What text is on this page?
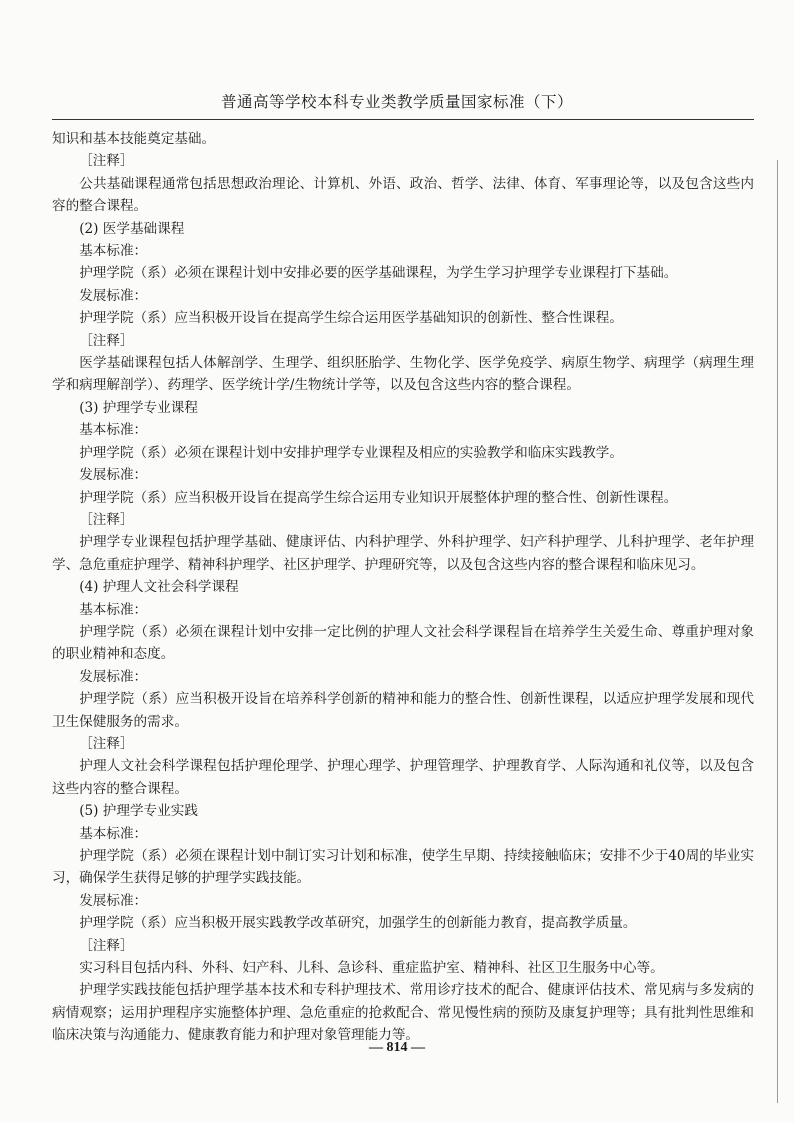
普通高等学校本科专业类教学质量国家标准（下）

知识和基本技能奠定基础。

［注释］

公共基础课程通常包括思想政治理论、计算机、外语、政治、哲学、法律、体育、军事理论等，以及包含这些内容的整合课程。

(2) 医学基础课程

基本标准：

护理学院（系）必须在课程计划中安排必要的医学基础课程，为学生学习护理学专业课程打下基础。

发展标准：

护理学院（系）应当积极开设旨在提高学生综合运用医学基础知识的创新性、整合性课程。

［注释］

医学基础课程包括人体解剖学、生理学、组织胚胎学、生物化学、医学免疫学、病原生物学、病理学（病理生理学和病理解剖学）、药理学、医学统计学/生物统计学等，以及包含这些内容的整合课程。

(3) 护理学专业课程

基本标准：

护理学院（系）必须在课程计划中安排护理学专业课程及相应的实验教学和临床实践教学。

发展标准：

护理学院（系）应当积极开设旨在提高学生综合运用专业知识开展整体护理的整合性、创新性课程。

［注释］

护理学专业课程包括护理学基础、健康评估、内科护理学、外科护理学、妇产科护理学、儿科护理学、老年护理学、急危重症护理学、精神科护理学、社区护理学、护理研究等，以及包含这些内容的整合课程和临床见习。

(4) 护理人文社会科学课程

基本标准：

护理学院（系）必须在课程计划中安排一定比例的护理人文社会科学课程旨在培养学生关爱生命、尊重护理对象的职业精神和态度。

发展标准：

护理学院（系）应当积极开设旨在培养科学创新的精神和能力的整合性、创新性课程，以适应护理学发展和现代卫生保健服务的需求。

［注释］

护理人文社会科学课程包括护理伦理学、护理心理学、护理管理学、护理教育学、人际沟通和礼仪等，以及包含这些内容的整合课程。

(5) 护理学专业实践

基本标准：

护理学院（系）必须在课程计划中制订实习计划和标准，使学生早期、持续接触临床；安排不少于40周的毕业实习，确保学生获得足够的护理学实践技能。

发展标准：

护理学院（系）应当积极开展实践教学改革研究，加强学生的创新能力教育，提高教学质量。

［注释］

实习科目包括内科、外科、妇产科、儿科、急诊科、重症监护室、精神科、社区卫生服务中心等。

护理学实践技能包括护理学基本技术和专科护理技术、常用诊疗技术的配合、健康评估技术、常见病与多发病的病情观察；运用护理程序实施整体护理、急危重症的抢救配合、常见慢性病的预防及康复护理等；具有批判性思维和临床决策与沟通能力、健康教育能力和护理对象管理能力等。

— 814 —
